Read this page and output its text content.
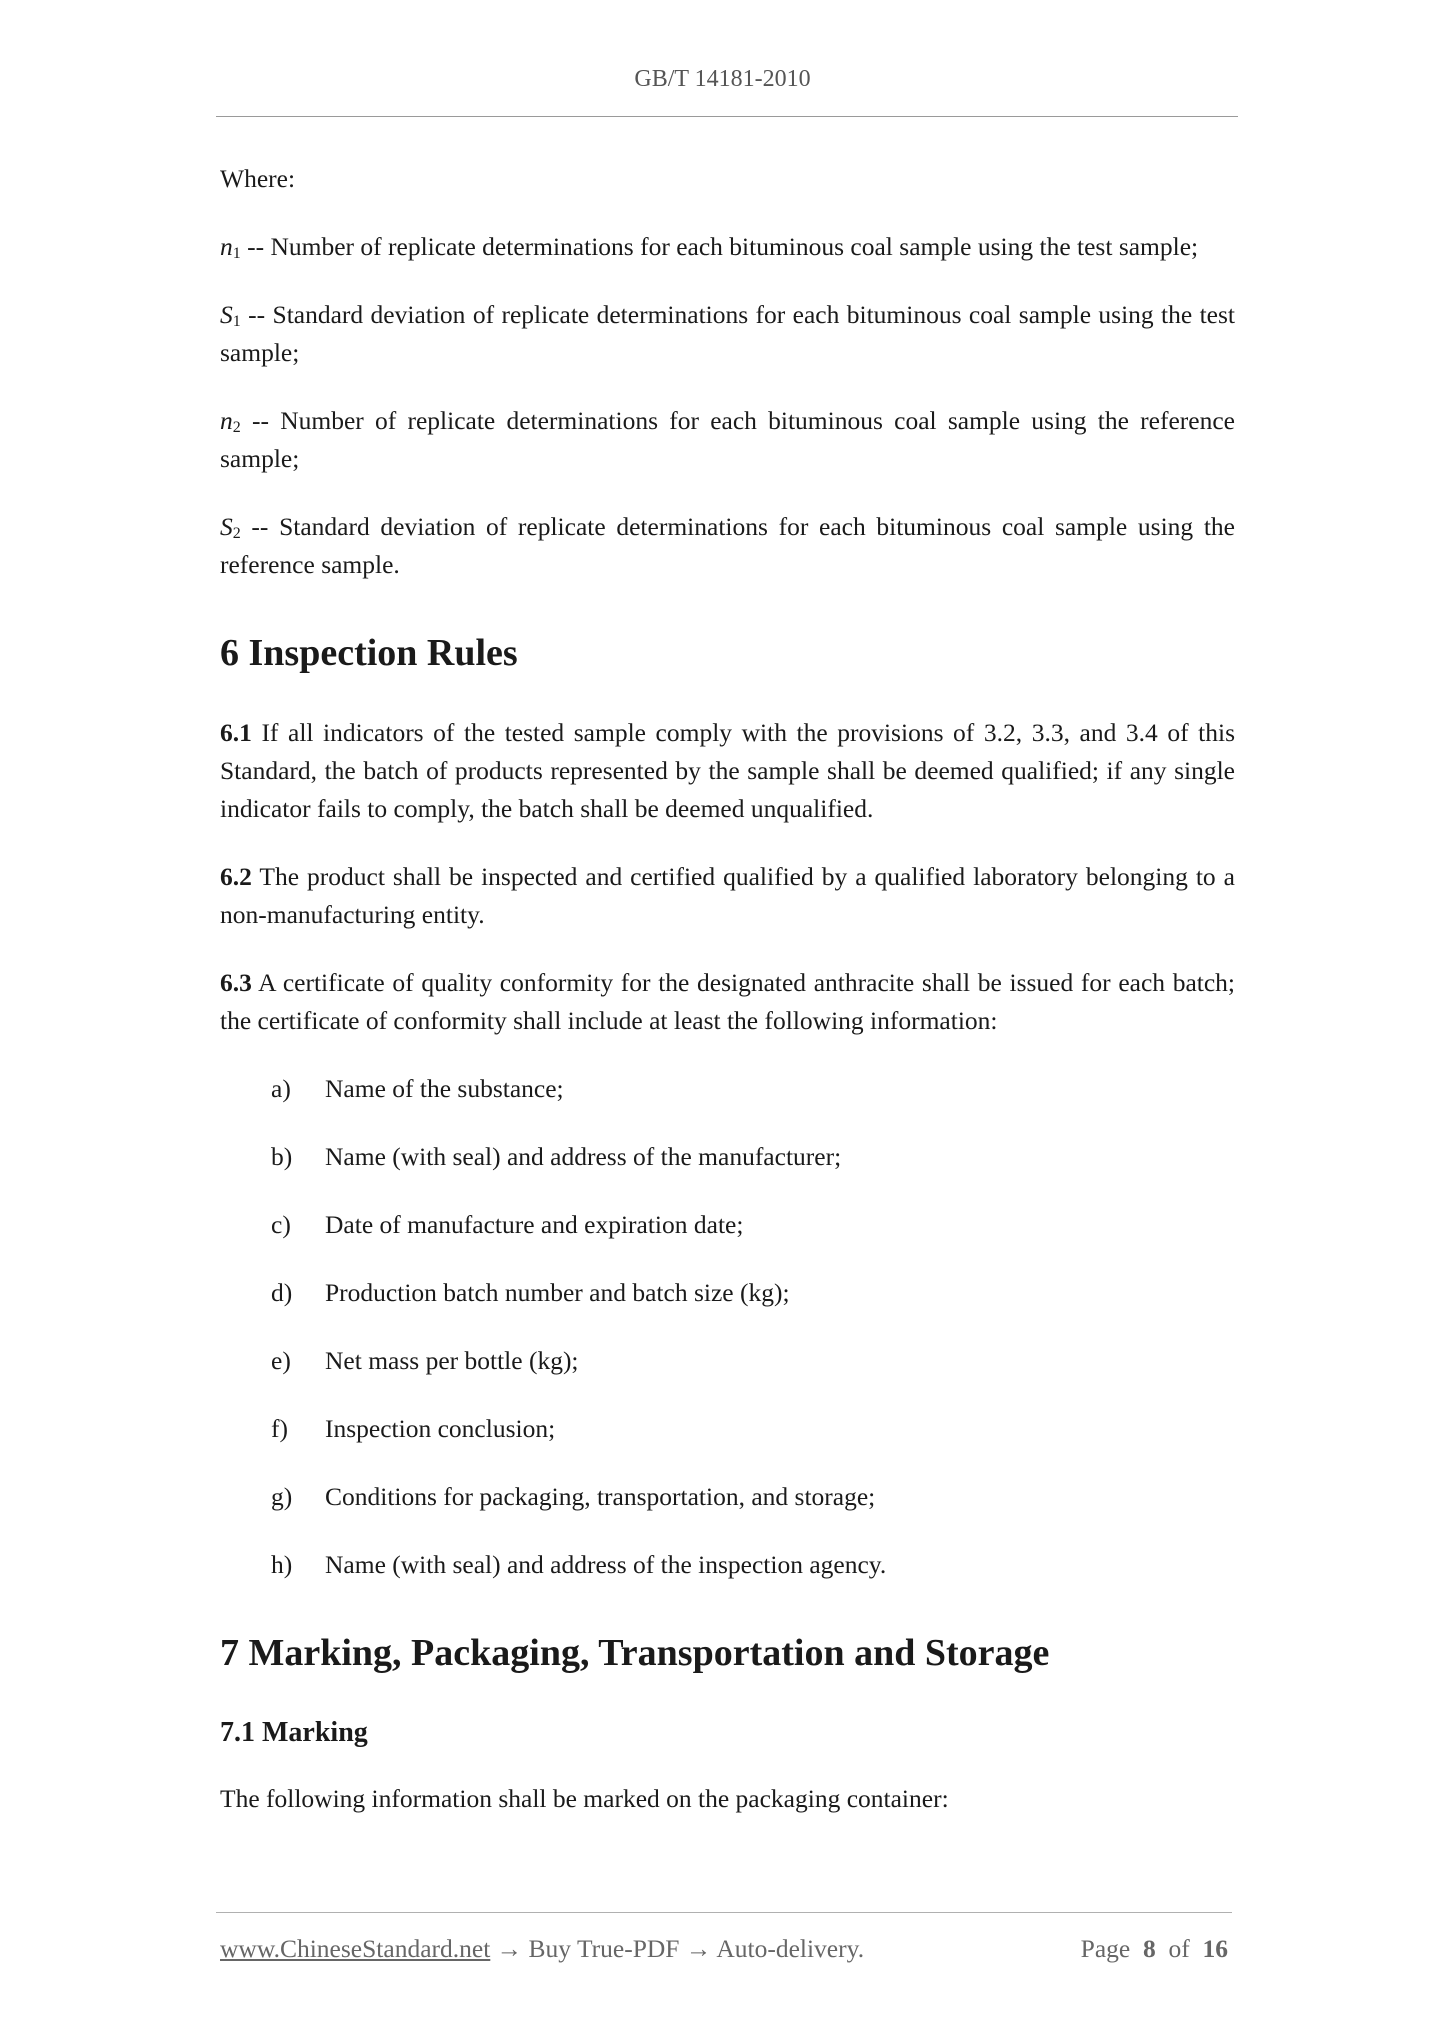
GB/T 14181-2010

Where:

$n_1$ -- Number of replicate determinations for each bituminous coal sample using the test sample;

$S_1$ -- Standard deviation of replicate determinations for each bituminous coal sample using the test sample;

$n_2$ -- Number of replicate determinations for each bituminous coal sample using the reference sample;

$S_2$ -- Standard deviation of replicate determinations for each bituminous coal sample using the reference sample.

6 Inspection Rules

6.1 If all indicators of the tested sample comply with the provisions of 3.2, 3.3, and 3.4 of this Standard, the batch of products represented by the sample shall be deemed qualified; if any single indicator fails to comply, the batch shall be deemed unqualified.

6.2 The product shall be inspected and certified qualified by a qualified laboratory belonging to a non-manufacturing entity.

6.3 A certificate of quality conformity for the designated anthracite shall be issued for each batch; the certificate of conformity shall include at least the following information:

a) Name of the substance;
b) Name (with seal) and address of the manufacturer;
c) Date of manufacture and expiration date;
d) Production batch number and batch size (kg);
e) Net mass per bottle (kg);
f) Inspection conclusion;
g) Conditions for packaging, transportation, and storage;
h) Name (with seal) and address of the inspection agency.
7 Marking, Packaging, Transportation and Storage
7.1 Marking

The following information shall be marked on the packaging container:

www.ChineseStandard.net → Buy True-PDF → Auto-delivery.	Page 8 of 16
